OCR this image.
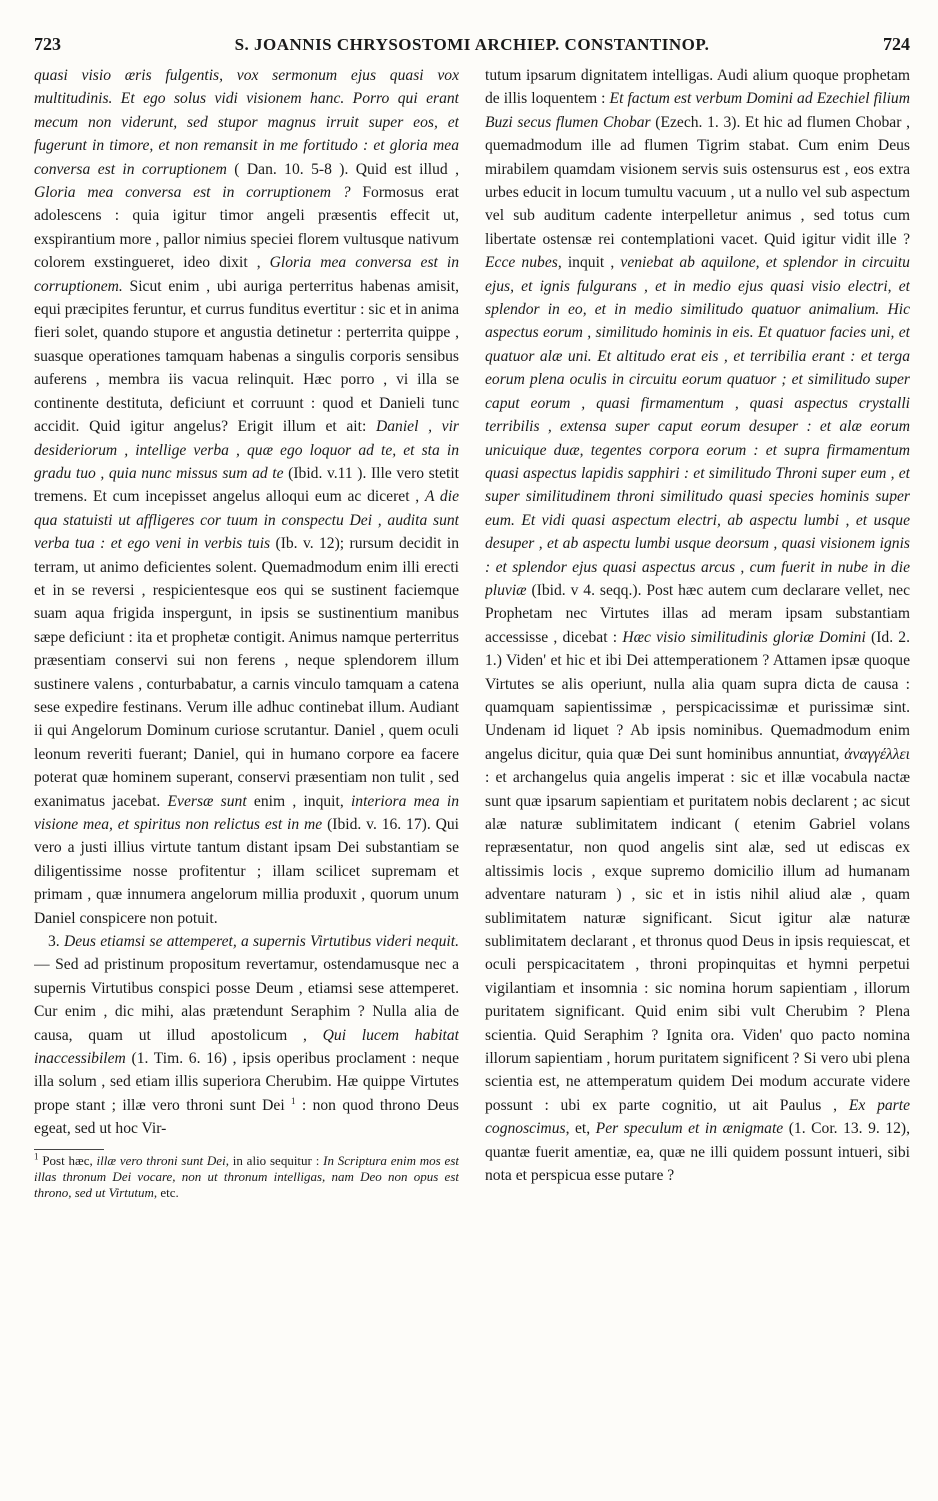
723	S. JOANNIS CHRYSOSTOMI ARCHIEP. CONSTANTINOP.	724

quasi visio æris fulgentis, vox sermonum ejus quasi vox multitudinis. Et ego solus vidi visionem hanc. Porro qui erant mecum non viderunt, sed stupor magnus irruit super eos, et fugerunt in timore, et non remansit in me fortitudo : et gloria mea conversa est in corruptionem ( Dan. 10. 5-8 ). Quid est illud , Gloria mea conversa est in corruptionem ? Formosus erat adolescens : quia igitur timor angeli præsentis effecit ut, exspirantium more , pallor nimius speciei florem vultusque nativum colorem exstingueret, ideo dixit , Gloria mea conversa est in corruptionem. Sicut enim , ubi auriga perterritus habenas amisit, equi præcipites feruntur, et currus funditus evertitur : sic et in anima fieri solet, quando stupore et angustia detinetur : perterrita quippe , suasque operationes tamquam habenas a singulis corporis sensibus auferens , membra iis vacua relinquit. Hæc porro , vi illa se continente destituta, deficiunt et corruunt : quod et Danieli tunc accidit. Quid igitur angelus? Erigit illum et ait: Daniel , vir desideriorum , intellige verba , quæ ego loquor ad te, et sta in gradu tuo , quia nunc missus sum ad te (Ibid. v.11 ). Ille vero stetit tremens. Et cum incepisset angelus alloqui eum ac diceret , A die qua statuisti ut affligeres cor tuum in conspectu Dei , audita sunt verba tua : et ego veni in verbis tuis (Ib. v. 12); rursum decidit in terram, ut animo deficientes solent. Quemadmodum enim illi erecti et in se reversi , respicientesque eos qui se sustinent faciemque suam aqua frigida inspergunt, in ipsis se sustinentium manibus sæpe deficiunt : ita et prophetæ contigit. Animus namque perterritus præsentiam conservi sui non ferens , neque splendorem illum sustinere valens , conturbabatur, a carnis vinculo tamquam a catena sese expedire festinans. Verum ille adhuc continebat illum. Audiant ii qui Angelorum Dominum curiose scrutantur. Daniel , quem oculi leonum reveriti fuerant; Daniel, qui in humano corpore ea facere poterat quæ hominem superant, conservi præsentiam non tulit , sed exanimatus jacebat. Eversæ sunt enim , inquit, interiora mea in visione mea, et spiritus non relictus est in me (Ibid. v. 16. 17). Qui vero a justi illius virtute tantum distant ipsam Dei substantiam se diligentissime nosse profitentur ; illam scilicet supremam et primam , quæ innumera angelorum millia produxit , quorum unum Daniel conspicere non potuit.

3. Deus etiamsi se attemperet, a supernis Virtutibus videri nequit. — Sed ad pristinum propositum revertamur, ostendamusque nec a supernis Virtutibus conspici posse Deum , etiamsi sese attemperet. Cur enim , dic mihi, alas prætendunt Seraphim ? Nulla alia de causa, quam ut illud apostolicum , Qui lucem habitat inaccessibilem (1. Tim. 6. 16) , ipsis operibus proclament : neque illa solum , sed etiam illis superiora Cherubim. Hæ quippe Virtutes prope stant ; illæ vero throni sunt Dei $^1$ : non quod throno Deus egeat, sed ut hoc Vir-

$^1$ Post hæc, illæ vero throni sunt Dei, in alio sequitur : In Scriptura enim mos est illas thronum Dei vocare, non ut thronum intelligas, nam Deo non opus est throno, sed ut Virtutum, etc.

tutum ipsarum dignitatem intelligas. Audi alium quoque prophetam de illis loquentem : Et factum est verbum Domini ad Ezechiel filium Buzi secus flumen Chobar (Ezech. 1. 3). Et hic ad flumen Chobar , quemadmodum ille ad flumen Tigrim stabat. Cum enim Deus mirabilem quamdam visionem servis suis ostensurus est , eos extra urbes educit in locum tumultu vacuum , ut a nullo vel sub aspectum vel sub auditum cadente interpelletur animus , sed totus cum libertate ostensæ rei contemplationi vacet. Quid igitur vidit ille ? Ecce nubes, inquit , veniebat ab aquilone, et splendor in circuitu ejus, et ignis fulgurans , et in medio ejus quasi visio electri, et splendor in eo, et in medio similitudo quatuor animalium. Hic aspectus eorum , similitudo hominis in eis. Et quatuor facies uni, et quatuor alæ uni. Et altitudo erat eis , et terribilia erant : et terga eorum plena oculis in circuitu eorum quatuor ; et similitudo super caput eorum , quasi firmamentum , quasi aspectus crystalli terribilis , extensa super caput eorum desuper : et alæ eorum unicuique duæ, tegentes corpora eorum : et supra firmamentum quasi aspectus lapidis sapphiri : et similitudo Throni super eum , et super similitudinem throni similitudo quasi species hominis super eum. Et vidi quasi aspectum electri, ab aspectu lumbi , et usque desuper , et ab aspectu lumbi usque deorsum , quasi visionem ignis : et splendor ejus quasi aspectus arcus , cum fuerit in nube in die pluviæ (Ibid. v 4. seqq.). Post hæc autem cum declarare vellet, nec Prophetam nec Virtutes illas ad meram ipsam substantiam accessisse , dicebat : Hæc visio similitudinis gloriæ Domini (Id. 2. 1.) Viden' et hic et ibi Dei attemperationem ? Attamen ipsæ quoque Virtutes se alis operiunt, nulla alia quam supra dicta de causa : quamquam sapientissimæ , perspicacissimæ et purissimæ sint. Undenam id liquet ? Ab ipsis nominibus. Quemadmodum enim angelus dicitur, quia quæ Dei sunt hominibus annuntiat, ἀναγγέλλει : et archangelus quia angelis imperat : sic et illæ vocabula nactæ sunt quæ ipsarum sapientiam et puritatem nobis declarent ; ac sicut alæ naturæ sublimitatem indicant ( etenim Gabriel volans repræsentatur, non quod angelis sint alæ, sed ut ediscas ex altissimis locis , exque supremo domicilio illum ad humanam adventare naturam ) , sic et in istis nihil aliud alæ , quam sublimitatem naturæ significant. Sicut igitur alæ naturæ sublimitatem declarant , et thronus quod Deus in ipsis requiescat, et oculi perspicacitatem , throni propinquitas et hymni perpetui vigilantiam et insomnia : sic nomina horum sapientiam , illorum puritatem significant. Quid enim sibi vult Cherubim ? Plena scientia. Quid Seraphim ? Ignita ora. Viden' quo pacto nomina illorum sapientiam , horum puritatem significent ? Si vero ubi plena scientia est, ne attemperatum quidem Dei modum accurate videre possunt : ubi ex parte cognitio, ut ait Paulus , Ex parte cognoscimus, et, Per speculum et in ænigmate (1. Cor. 13. 9. 12), quantæ fuerit amentiæ, ea, quæ ne illi quidem possunt intueri, sibi nota et perspicua esse putare ?
